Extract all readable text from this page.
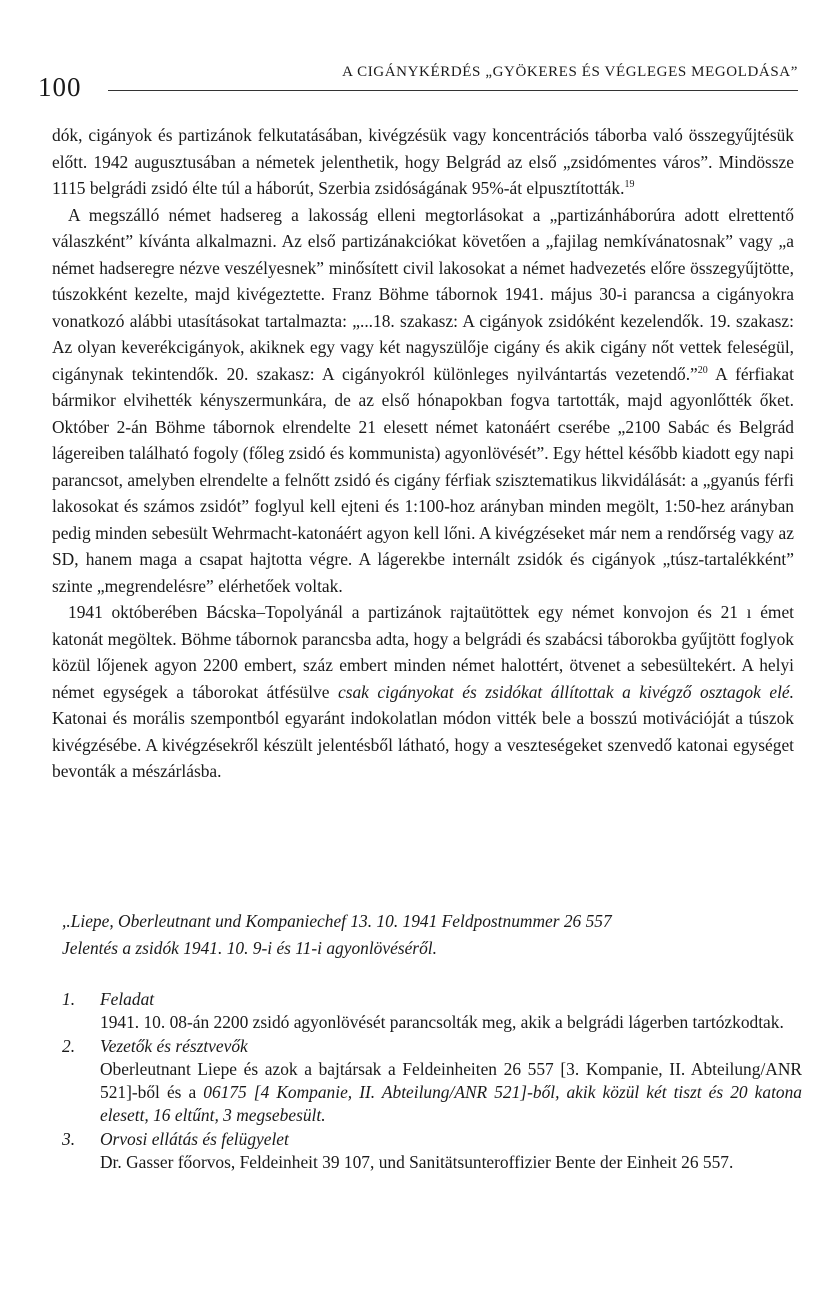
100	A CIGÁNYKÉRDÉS „GYÖKERES ÉS VÉGLEGES MEGOLDÁSA”

dók, cigányok és partizánok felkutatásában, kivégzésük vagy koncentrációs táborba való összegyűjtésük előtt. 1942 augusztusában a németek jelenthetik, hogy Belgrád az első „zsidómentes város”. Mindössze 1115 belgrádi zsidó élte túl a háborút, Szerbia zsidóságának 95%-át elpusztították.$^{19}$

A megszálló német hadsereg a lakosság elleni megtorlásokat a „partizánháborúra adott elrettentő válaszként” kívánta alkalmazni. Az első partizánakciókat követően a „fajilag nemkívánatosnak” vagy „a német hadseregre nézve veszélyesnek” minősített civil lakosokat a német hadvezetés előre összegyűjtötte, túszokként kezelte, majd kivégeztette. Franz Böhme tábornok 1941. május 30-i parancsa a cigányokra vonatkozó alábbi utasításokat tartalmazta: „...18. szakasz: A cigányok zsidóként kezelendők. 19. szakasz: Az olyan keverékcigányok, akiknek egy vagy két nagyszülője cigány és akik cigány nőt vettek feleségül, cigánynak tekintendők. 20. szakasz: A cigányokról különleges nyilvántartás vezetendő.”$^{20}$ A férfiakat bármikor elvihették kényszermunkára, de az első hónapokban fogva tartották, majd agyonlőtték őket. Október 2-án Böhme tábornok elrendelte 21 elesett német katonáért cserébe „2100 Sabác és Belgrád lágereiben található fogoly (főleg zsidó és kommunista) agyonlövését”. Egy héttel később kiadott egy napi parancsot, amelyben elrendelte a felnőtt zsidó és cigány férfiak szisztematikus likvidálását: a „gyanús férfi lakosokat és számos zsidót” foglyul kell ejteni és 1:100-hoz arányban minden megölt, 1:50-hez arányban pedig minden sebesült Wehrmacht-katonáért agyon kell lőni. A kivégzéseket már nem a rendőrség vagy az SD, hanem maga a csapat hajtotta végre. A lágerekbe internált zsidók és cigányok „túsz-tartalékként” szinte „megrendelésre” elérhetőek voltak.

1941 októberében Bácska–Topolyánál a partizánok rajtaütöttek egy német konvojon és 21 ı émet katonát megöltek. Böhme tábornok parancsba adta, hogy a belgrádi és szabácsi táborokba gyűjtött foglyok közül lőjenek agyon 2200 embert, száz embert minden német halottért, ötvenet a sebesültekért. A helyi német egységek a táborokat átfésülve csak cigányokat és zsidókat állítottak a kivégző osztagok elé. Katonai és morális szempontból egyaránt indokolatlan módon vitték bele a bosszú motivációját a túszok kivégzésébe. A kivégzésekről készült jelentésből látható, hogy a veszteségeket szenvedő katonai egységet bevonták a mészárlásba.

,.Liepe, Oberleutnant und Kompaniechef 13. 10. 1941 Feldpostnummer 26 557
Jelentés a zsidók 1941. 10. 9-i és 11-i agyonlövéséről.
1. Feladat
1941. 10. 08-án 2200 zsidó agyonlövését parancsolták meg, akik a belgrádi lágerben tartózkodtak.
2. Vezetők és résztvevők
Oberleutnant Liepe és azok a bajtársak a Feldeinheiten 26 557 [3. Kompanie, II. Abteilung/ANR 521]-ből és a 06175 [4 Kompanie, II. Abteilung/ANR 521]-ből, akik közül két tiszt és 20 katona elesett, 16 eltűnt, 3 megsebesült.
3. Orvosi ellátás és felügyelet
Dr. Gasser főorvos, Feldeinheit 39 107, und Sanitätsunteroffizier Bente der Einheit 26 557.
